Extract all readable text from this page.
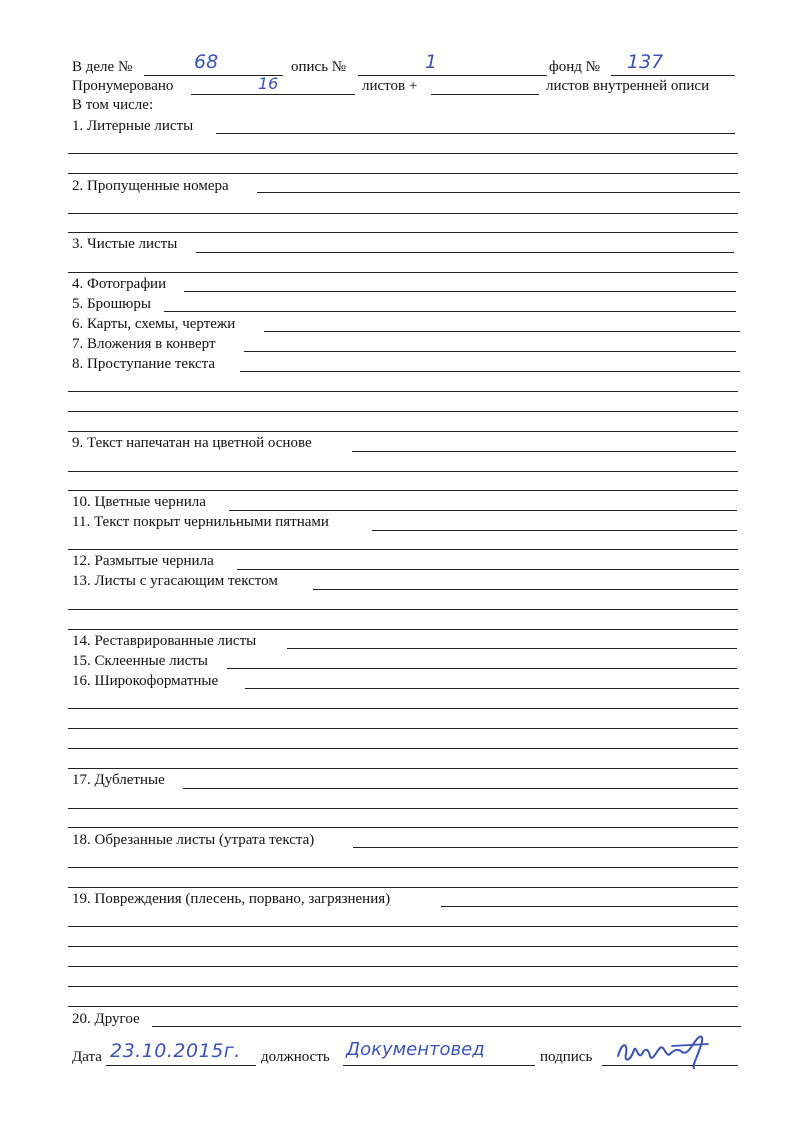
В деле №	68	опись №	1	фонд № 137
Пронумеровано	16	листов +	листов внутренней описи
В том числе:
1. Литерные листы
2. Пропущенные номера
3. Чистые листы
4. Фотографии
5. Брошюры
6. Карты, схемы, чертежи
7. Вложения в конверт
8. Проступание текста
9. Текст напечатан на цветной основе
10. Цветные чернила
11. Текст покрыт чернильными пятнами
12. Размытые чернила
13. Листы с угасающим текстом
14. Реставрированные листы
15. Склеенные листы
16. Широкоформатные
17. Дублетные
18. Обрезанные листы (утрата текста)
19. Повреждения (плесень, порвано, загрязнения)
20. Другое
Дата 23.10.2015г. должность Документовед	подпись
